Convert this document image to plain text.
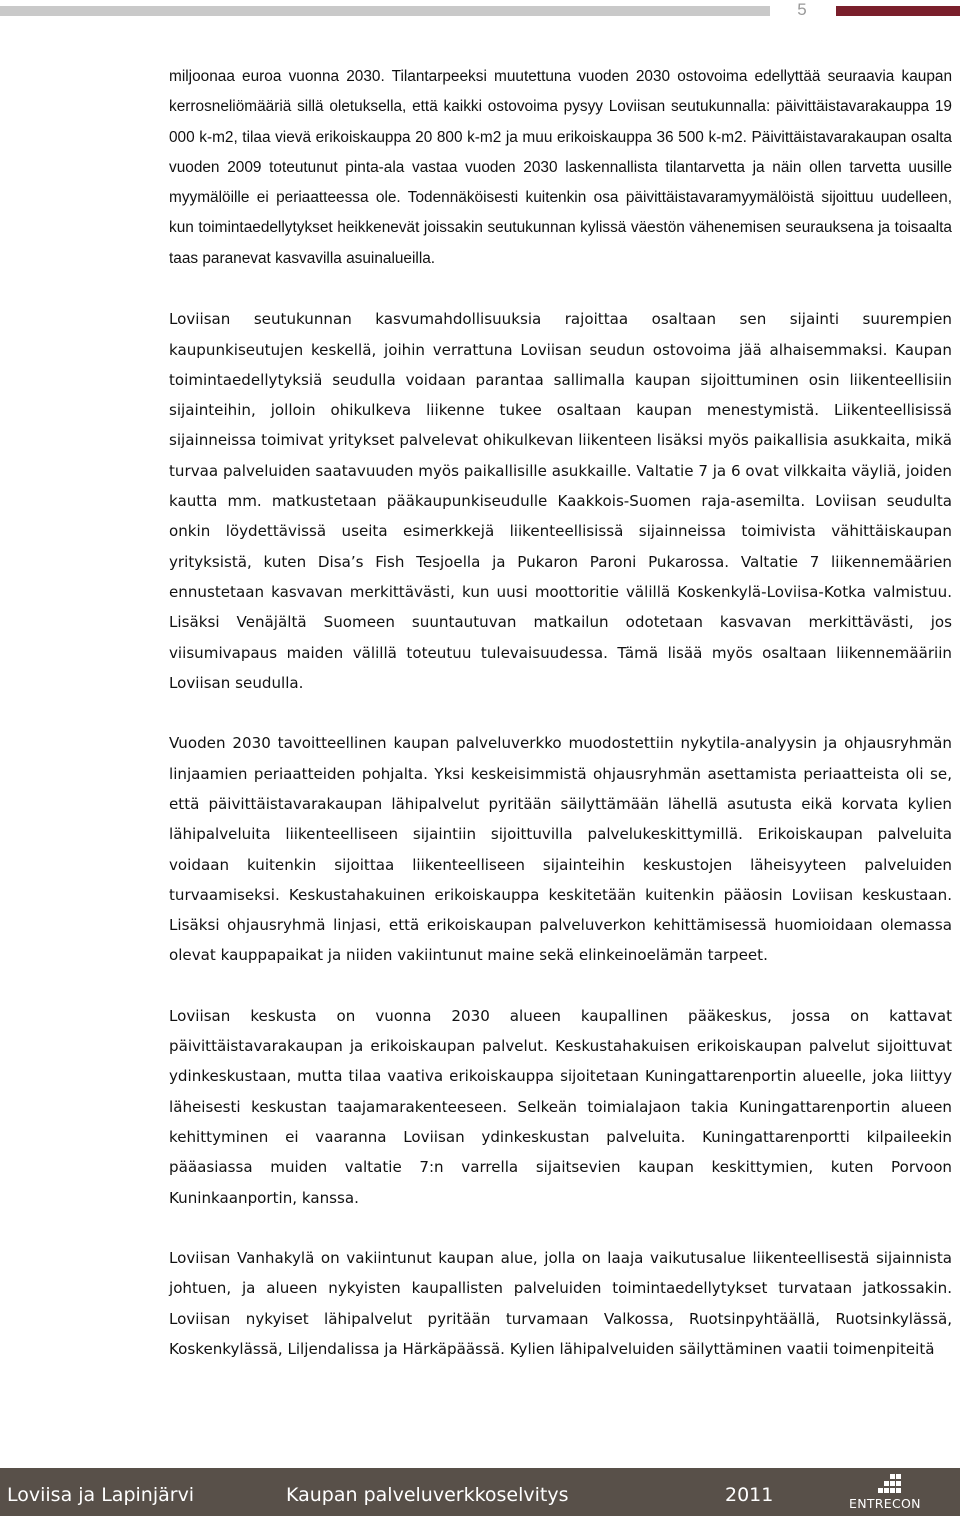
5

miljoonaa euroa vuonna 2030. Tilantarpeeksi muutettuna vuoden 2030 ostovoima edellyttää seuraavia kaupan kerrosneliömääriä sillä oletuksella, että kaikki ostovoima pysyy Loviisan seutukunnalla: päivittäistavarakauppa 19 000 k-m2, tilaa vievä erikoiskauppa 20 800 k-m2 ja muu erikoiskauppa 36 500 k-m2. Päivittäistavarakaupan osalta vuoden 2009 toteutunut pinta-ala vastaa vuoden 2030 laskennallista tilantarvetta ja näin ollen tarvetta uusille myymälöille ei periaatteessa ole. Todennäköisesti kuitenkin osa päivittäistavaramyymälöistä sijoittuu uudelleen, kun toimintaedellytykset heikkenevät joissakin seutukunnan kylissä väestön vähenemisen seurauksena ja toisaalta taas paranevat kasvavilla asuinalueilla.

Loviisan seutukunnan kasvumahdollisuuksia rajoittaa osaltaan sen sijainti suurempien kaupunkiseutujen keskellä, joihin verrattuna Loviisan seudun ostovoima jää alhaisemmaksi. Kaupan toimintaedellytyksiä seudulla voidaan parantaa sallimalla kaupan sijoittuminen osin liikenteellisiin sijainteihin, jolloin ohikulkeva liikenne tukee osaltaan kaupan menestymistä. Liikenteellisissä sijainneissa toimivat yritykset palvelevat ohikulkevan liikenteen lisäksi myös paikallisia asukkaita, mikä turvaa palveluiden saatavuuden myös paikallisille asukkaille. Valtatie 7 ja 6 ovat vilkkaita väyliä, joiden kautta mm. matkustetaan pääkaupunkiseudulle Kaakkois-Suomen raja-asemilta. Loviisan seudulta onkin löydettävissä useita esimerkkejä liikenteellisissä sijainneissa toimivista vähittäiskaupan yrityksistä, kuten Disa’s Fish Tesjoella ja Pukaron Paroni Pukarossa. Valtatie 7 liikennemäärien ennustetaan kasvavan merkittävästi, kun uusi moottoritie välillä Koskenkylä-Loviisa-Kotka valmistuu. Lisäksi Venäjältä Suomeen suuntautuvan matkailun odotetaan kasvavan merkittävästi, jos viisumivapaus maiden välillä toteutuu tulevaisuudessa. Tämä lisää myös osaltaan liikennemääriin Loviisan seudulla.

Vuoden 2030 tavoitteellinen kaupan palveluverkko muodostettiin nykytila-analyysin ja ohjausryhmän linjaamien periaatteiden pohjalta. Yksi keskeisimmistä ohjausryhmän asettamista periaatteista oli se, että päivittäistavarakaupan lähipalvelut pyritään säilyttämään lähellä asutusta eikä korvata kylien lähipalveluita liikenteelliseen sijaintiin sijoittuvilla palvelukeskittymillä. Erikoiskaupan palveluita voidaan kuitenkin sijoittaa liikenteelliseen sijainteihin keskustojen läheisyyteen palveluiden turvaamiseksi. Keskustahakuinen erikoiskauppa keskitetään kuitenkin pääosin Loviisan keskustaan. Lisäksi ohjausryhmä linjasi, että erikoiskaupan palveluverkon kehittämisessä huomioidaan olemassa olevat kauppapaikat ja niiden vakiintunut maine sekä elinkeinoelämän tarpeet.

Loviisan keskusta on vuonna 2030 alueen kaupallinen pääkeskus, jossa on kattavat päivittäistavarakaupan ja erikoiskaupan palvelut. Keskustahakuisen erikoiskaupan palvelut sijoittuvat ydinkeskustaan, mutta tilaa vaativa erikoiskauppa sijoitetaan Kuningattarenportin alueelle, joka liittyy läheisesti keskustan taajamarakenteeseen. Selkeän toimialajaon takia Kuningattarenportin alueen kehittyminen ei vaaranna Loviisan ydinkeskustan palveluita. Kuningattarenportti kilpaileekin pääasiassa muiden valtatie 7:n varrella sijaitsevien kaupan keskittymien, kuten Porvoon Kuninkaanportin, kanssa.

Loviisan Vanhakylä on vakiintunut kaupan alue, jolla on laaja vaikutusalue liikenteellisestä sijainnista johtuen, ja alueen nykyisten kaupallisten palveluiden toimintaedellytykset turvataan jatkossakin. Loviisan nykyiset lähipalvelut pyritään turvamaan Valkossa, Ruotsinpyhtäällä, Ruotsinkylässä, Koskenkylässä, Liljendalissa ja Härkäpäässä. Kylien lähipalveluiden säilyttäminen vaatii toimenpiteitä

Loviisa ja Lapinjärvi	Kaupan palveluverkkoselvitys	2011	ENTRECON
